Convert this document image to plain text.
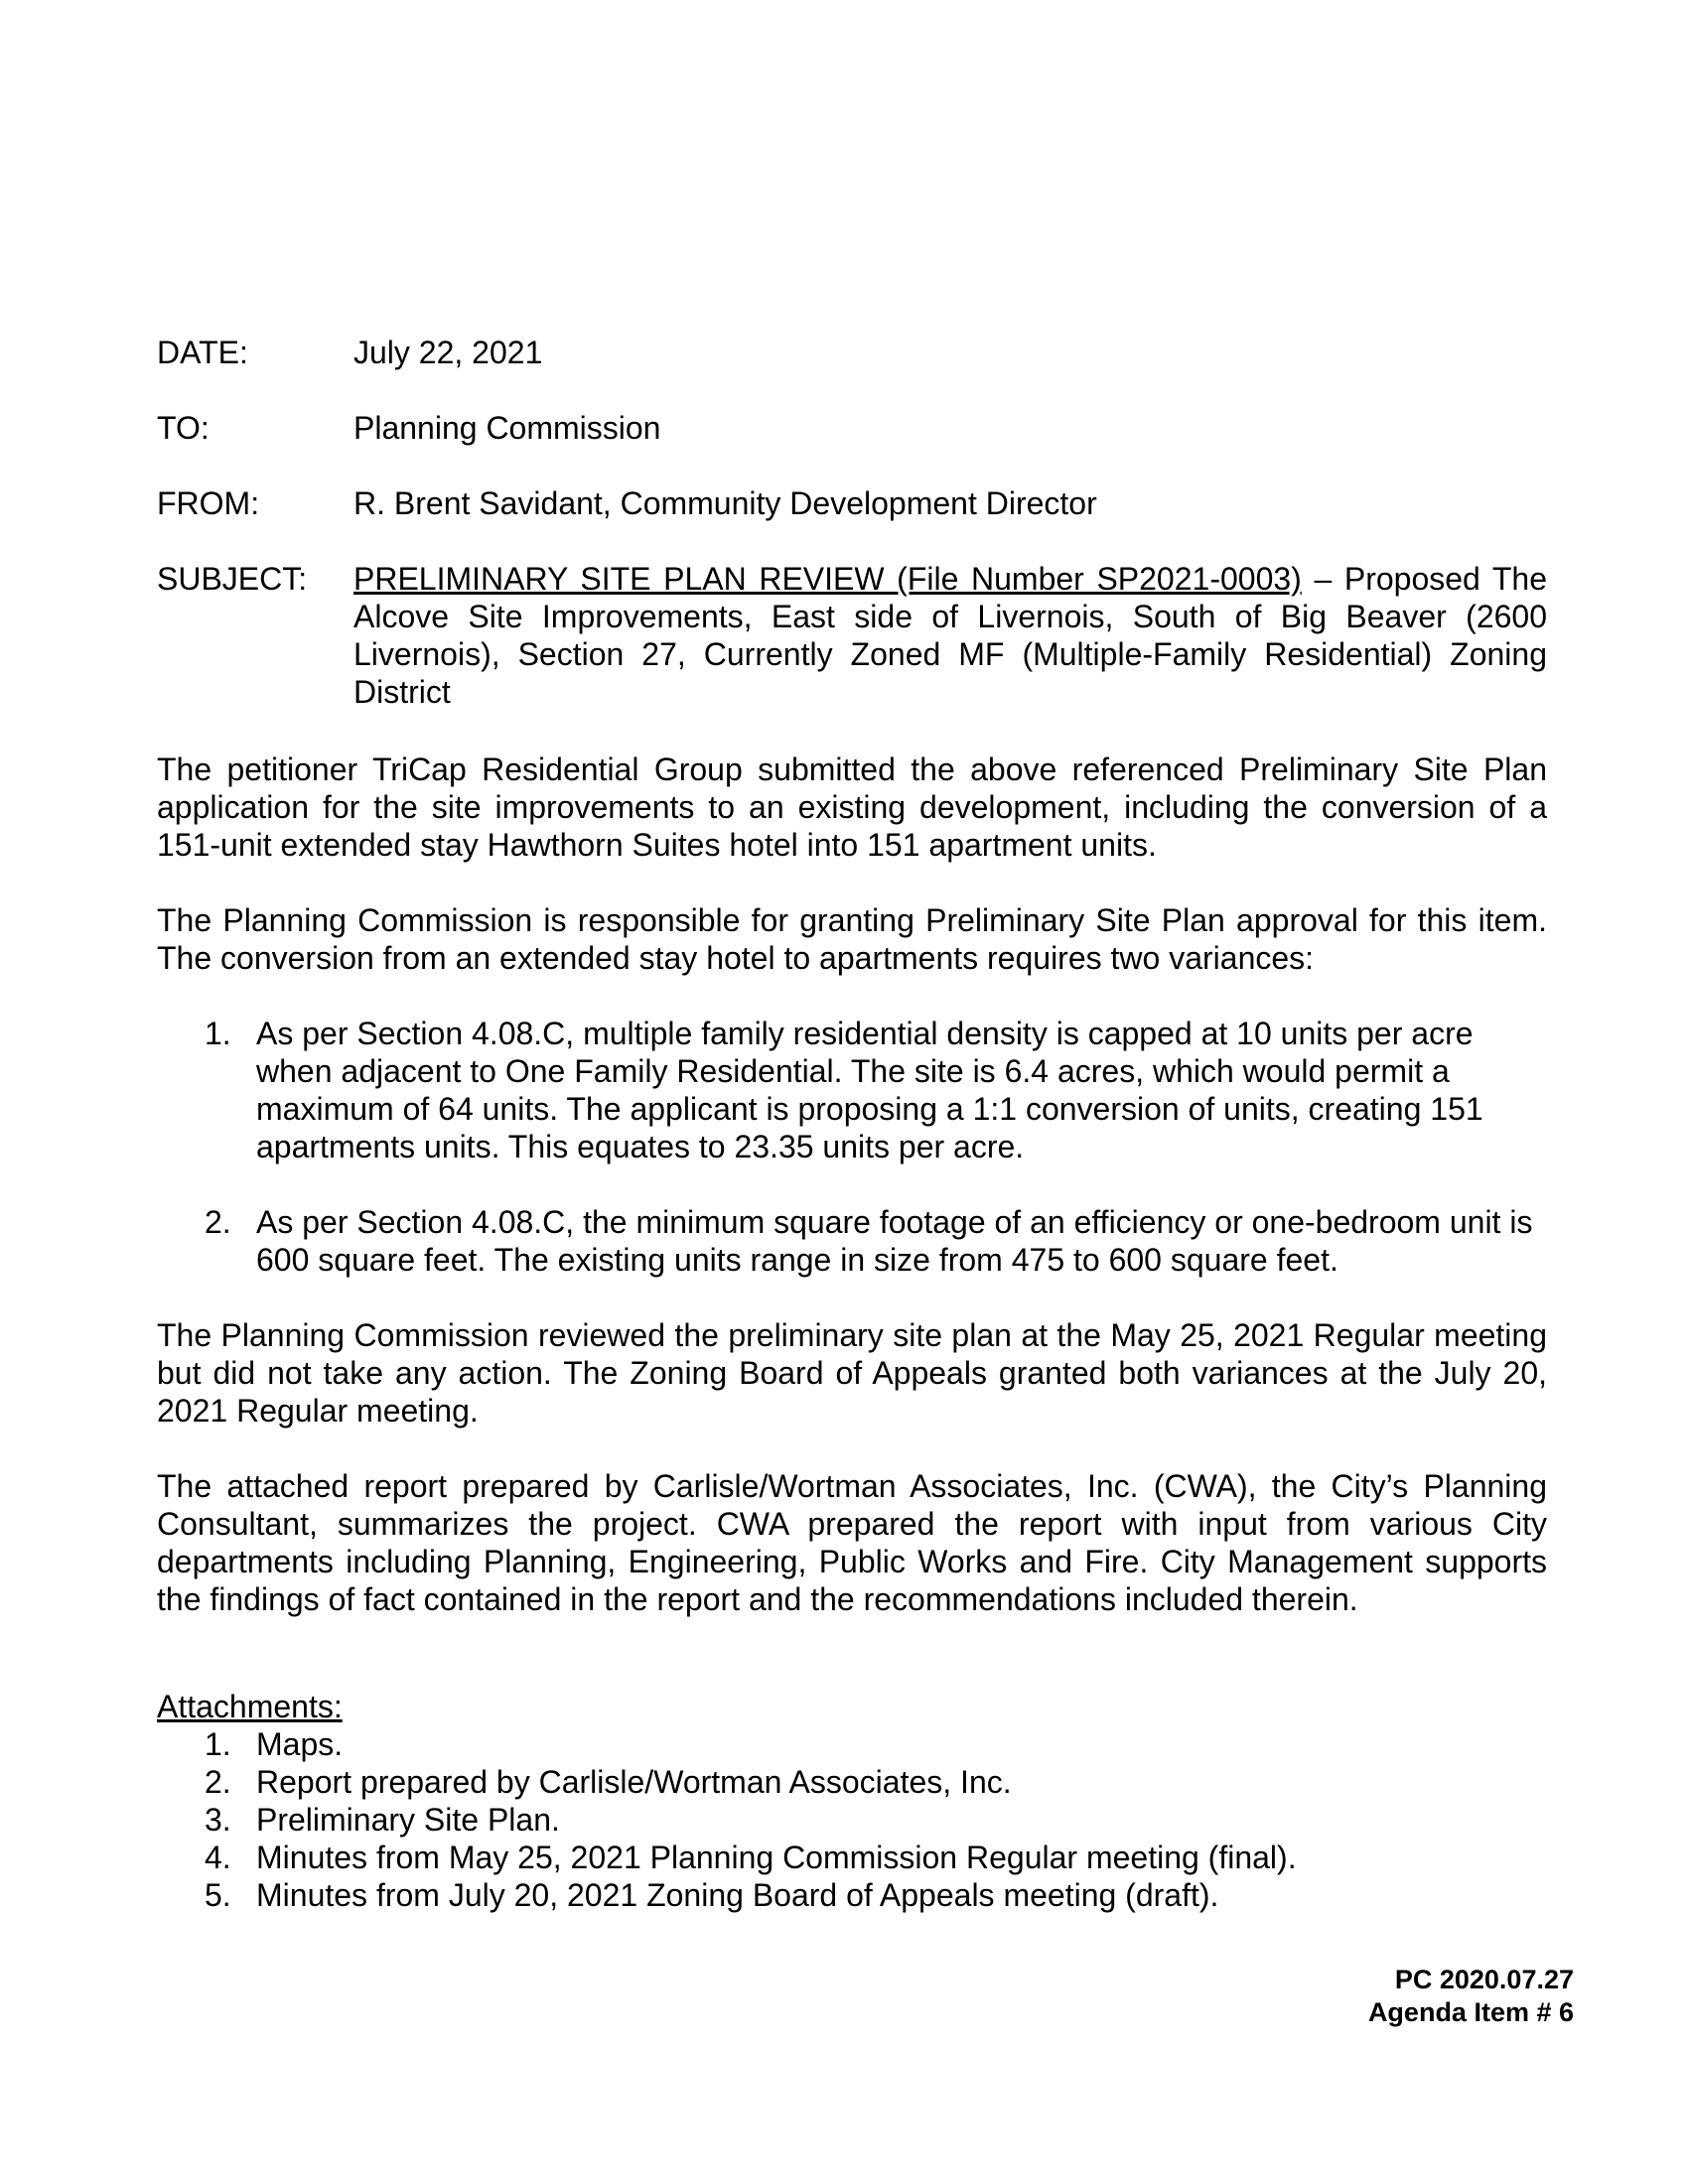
DATE:	July 22, 2021
TO:	Planning Commission
FROM:	R. Brent Savidant, Community Development Director
SUBJECT:	PRELIMINARY SITE PLAN REVIEW (File Number SP2021-0003) – Proposed The Alcove Site Improvements, East side of Livernois, South of Big Beaver (2600 Livernois), Section 27, Currently Zoned MF (Multiple-Family Residential) Zoning District

The petitioner TriCap Residential Group submitted the above referenced Preliminary Site Plan application for the site improvements to an existing development, including the conversion of a 151-unit extended stay Hawthorn Suites hotel into 151 apartment units.

The Planning Commission is responsible for granting Preliminary Site Plan approval for this item. The conversion from an extended stay hotel to apartments requires two variances:

1. As per Section 4.08.C, multiple family residential density is capped at 10 units per acre when adjacent to One Family Residential. The site is 6.4 acres, which would permit a maximum of 64 units. The applicant is proposing a 1:1 conversion of units, creating 151 apartments units. This equates to 23.35 units per acre.
2. As per Section 4.08.C, the minimum square footage of an efficiency or one-bedroom unit is 600 square feet. The existing units range in size from 475 to 600 square feet.

The Planning Commission reviewed the preliminary site plan at the May 25, 2021 Regular meeting but did not take any action. The Zoning Board of Appeals granted both variances at the July 20, 2021 Regular meeting.

The attached report prepared by Carlisle/Wortman Associates, Inc. (CWA), the City’s Planning Consultant, summarizes the project. CWA prepared the report with input from various City departments including Planning, Engineering, Public Works and Fire. City Management supports the findings of fact contained in the report and the recommendations included therein.

Attachments:
1. Maps.
2. Report prepared by Carlisle/Wortman Associates, Inc.
3. Preliminary Site Plan.
4. Minutes from May 25, 2021 Planning Commission Regular meeting (final).
5. Minutes from July 20, 2021 Zoning Board of Appeals meeting (draft).
PC 2020.07.27
Agenda Item # 6
